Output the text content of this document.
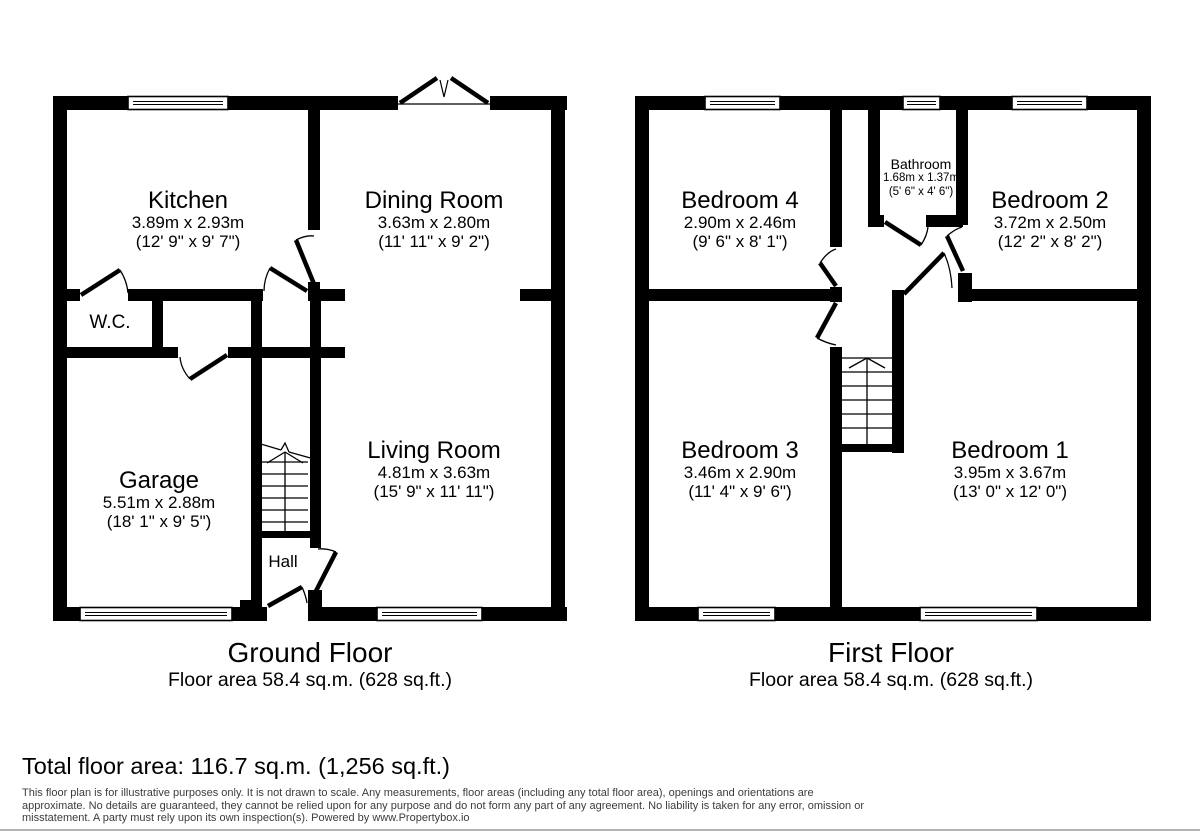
Kitchen
3.89m x 2.93m
(12' 9" x 9' 7")
Dining Room
3.63m x 2.80m
(11' 11" x 9' 2")
W.C.
Garage
5.51m x 2.88m
(18' 1" x 9' 5")
Living Room
4.81m x 3.63m
(15' 9" x 11' 11")
Hall
Bedroom 4
2.90m x 2.46m
(9' 6" x 8' 1")
Bathroom
1.68m x 1.37m
(5' 6" x 4' 6") Bedroom 2
3.72m x 2.50m
(12' 2" x 8' 2")
Bedroom 3
3.46m x 2.90m
(11' 4" x 9' 6")
Bedroom 1
3.95m x 3.67m
(13' 0" x 12' 0")
Ground Floor
Floor area 58.4 sq.m. (628 sq.ft.)
First Floor
Floor area 58.4 sq.m. (628 sq.ft.)
Total floor area: 116.7 sq.m. (1,256 sq.ft.)
This floor plan is for illustrative purposes only. It is not drawn to scale. Any measurements, floor areas (including any total floor area), openings and orientations are
approximate. No details are guaranteed, they cannot be relied upon for any purpose and do not form any part of any agreement. No liability is taken for any error, omission or
misstatement. A party must rely upon its own inspection(s). Powered by www.Propertybox.io
